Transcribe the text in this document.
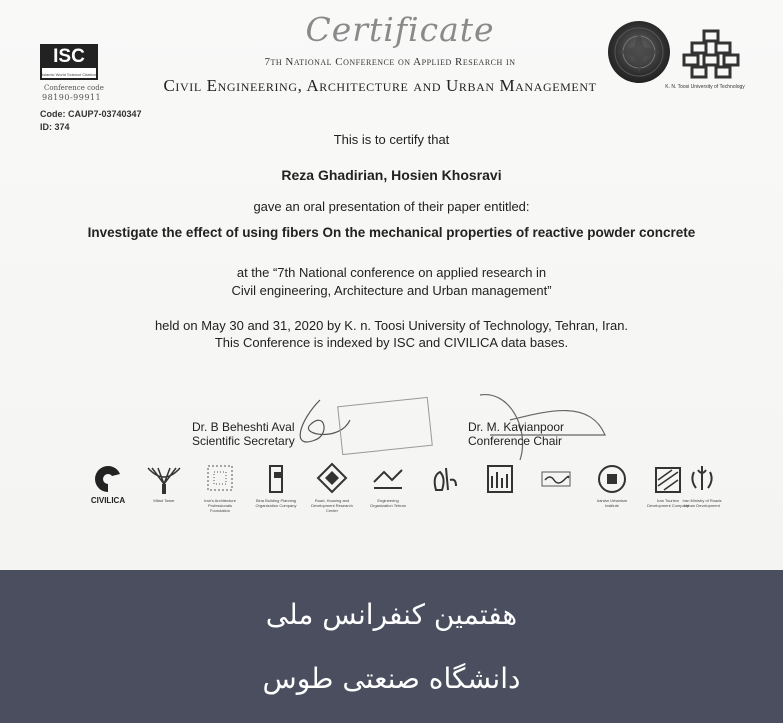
ISC
Islamic World Science Citation
Conference code
98190-99911
Code: CAUP7-03740347
ID: 374
Certificate
7th National Conference on Applied Research in
Civil Engineering, Architecture and Urban Management	K. N. Toosi University of Technology
This is to certify that
Reza Ghadirian, Hosien Khosravi
gave an oral presentation of their paper entitled:
Investigate the effect of using fibers On the mechanical properties of reactive powder concrete
at the “7th National conference on applied research in
Civil engineering, Architecture and Urban management”
held on May 30 and 31, 2020 by K. n. Toosi University of Technology, Tehran, Iran.
This Conference is indexed by ISC and CIVILICA data bases.
Dr. B Beheshti Aval
Scientific Secretary
Dr. M. Kavianpoor
Conference Chair
CIVILICA	Milad Tower	Iran's Architecture Professionals Foundation
Bina Building Planning Organization Company
Road, Housing and Development Research Center
Engineering Organization Tehran
Iranian Urbanism Institute
Iran Tourism Development Company
Iran Ministry of Roads Urban Development
هفتمین کنفرانس ملی
دانشگاه صنعتی طوس
